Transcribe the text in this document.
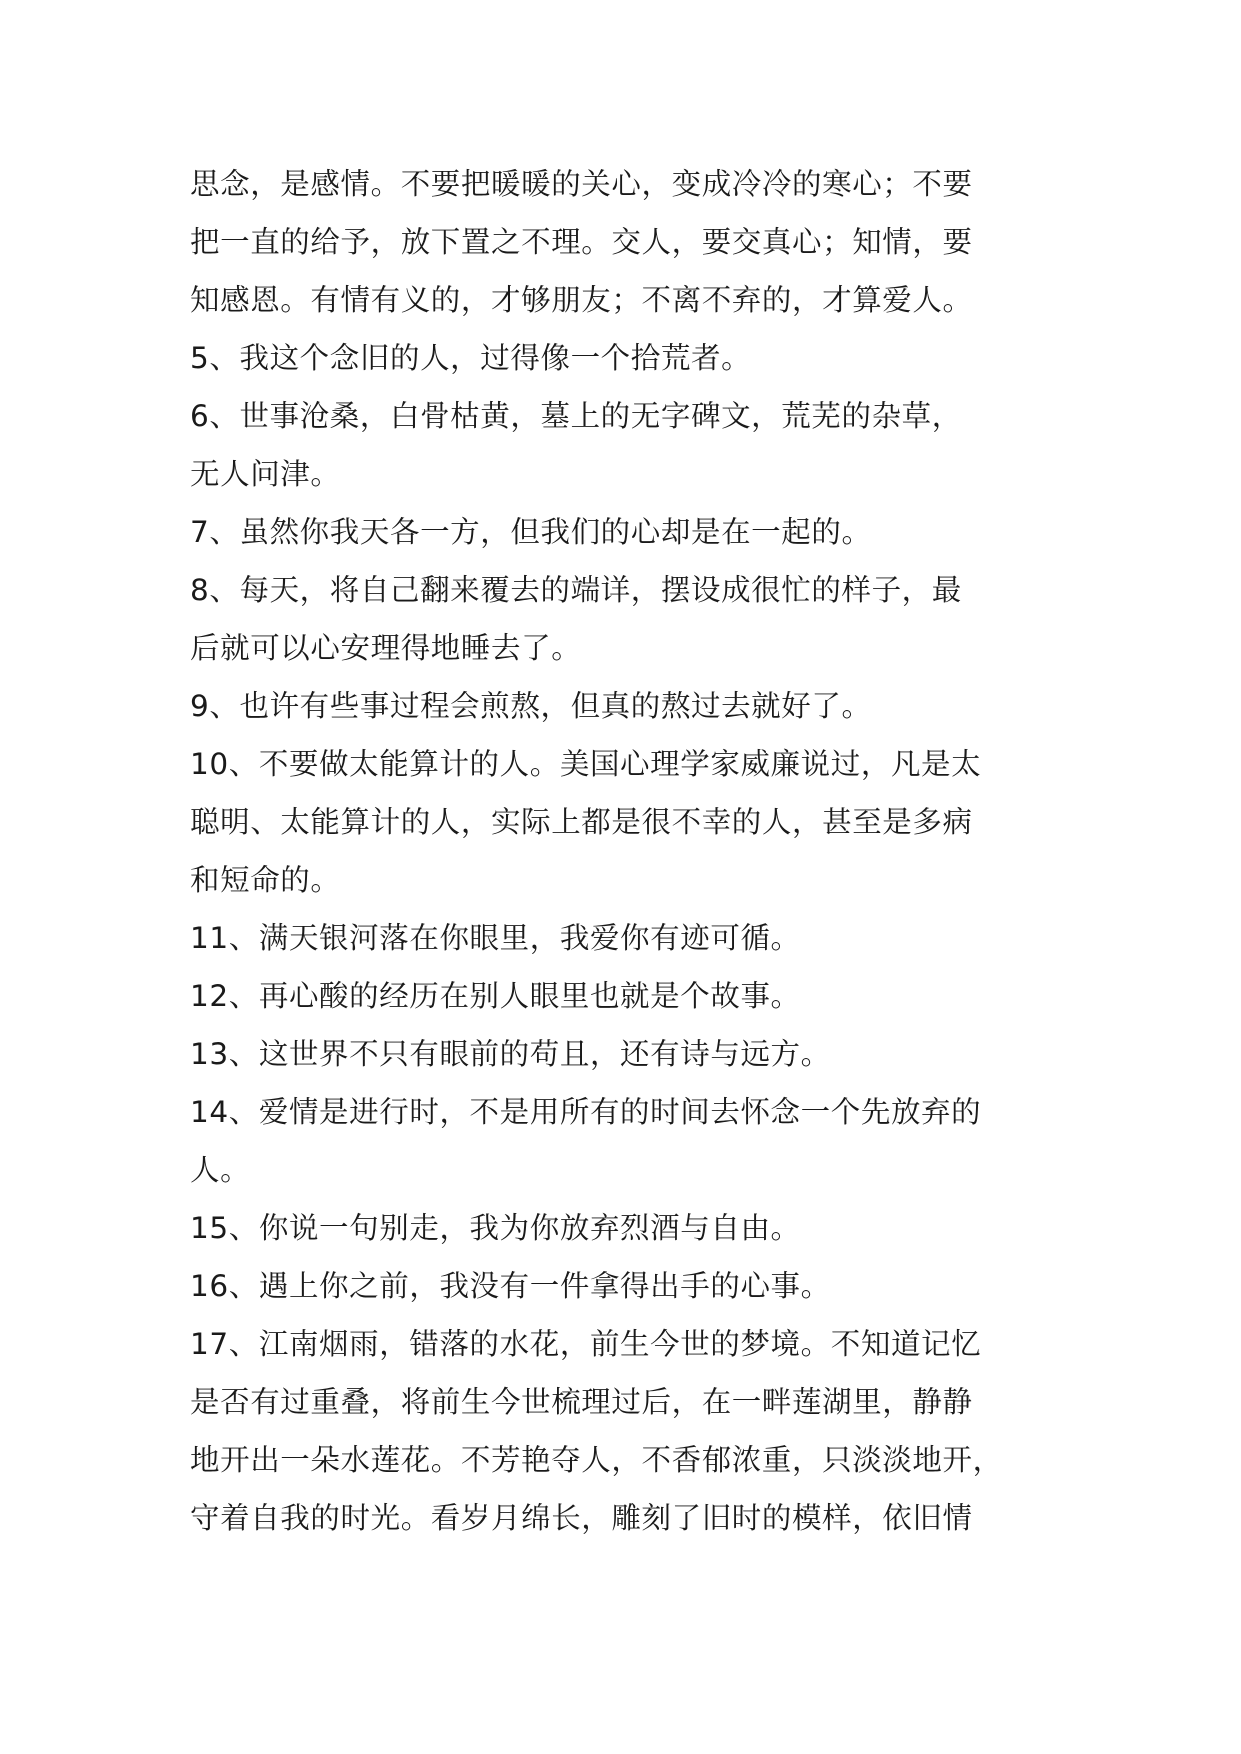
思念，是感情。不要把暖暖的关心，变成冷冷的寒心；不要
把一直的给予，放下置之不理。交人，要交真心；知情，要
知感恩。有情有义的，才够朋友；不离不弃的，才算爱人。
5、我这个念旧的人，过得像一个拾荒者。
6、世事沧桑，白骨枯黄，墓上的无字碑文，荒芜的杂草，
无人问津。
7、虽然你我天各一方，但我们的心却是在一起的。
8、每天，将自己翻来覆去的端详，摆设成很忙的样子，最
后就可以心安理得地睡去了。
9、也许有些事过程会煎熬，但真的熬过去就好了。
10、不要做太能算计的人。美国心理学家威廉说过，凡是太
聪明、太能算计的人，实际上都是很不幸的人，甚至是多病
和短命的。
11、满天银河落在你眼里，我爱你有迹可循。
12、再心酸的经历在别人眼里也就是个故事。
13、这世界不只有眼前的苟且，还有诗与远方。
14、爱情是进行时，不是用所有的时间去怀念一个先放弃的
人。
15、你说一句别走，我为你放弃烈酒与自由。
16、遇上你之前，我没有一件拿得出手的心事。
17、江南烟雨，错落的水花，前生今世的梦境。不知道记忆
是否有过重叠，将前生今世梳理过后，在一畔莲湖里，静静
地开出一朵水莲花。不芳艳夺人，不香郁浓重，只淡淡地开，
守着自我的时光。看岁月绵长，雕刻了旧时的模样，依旧情
